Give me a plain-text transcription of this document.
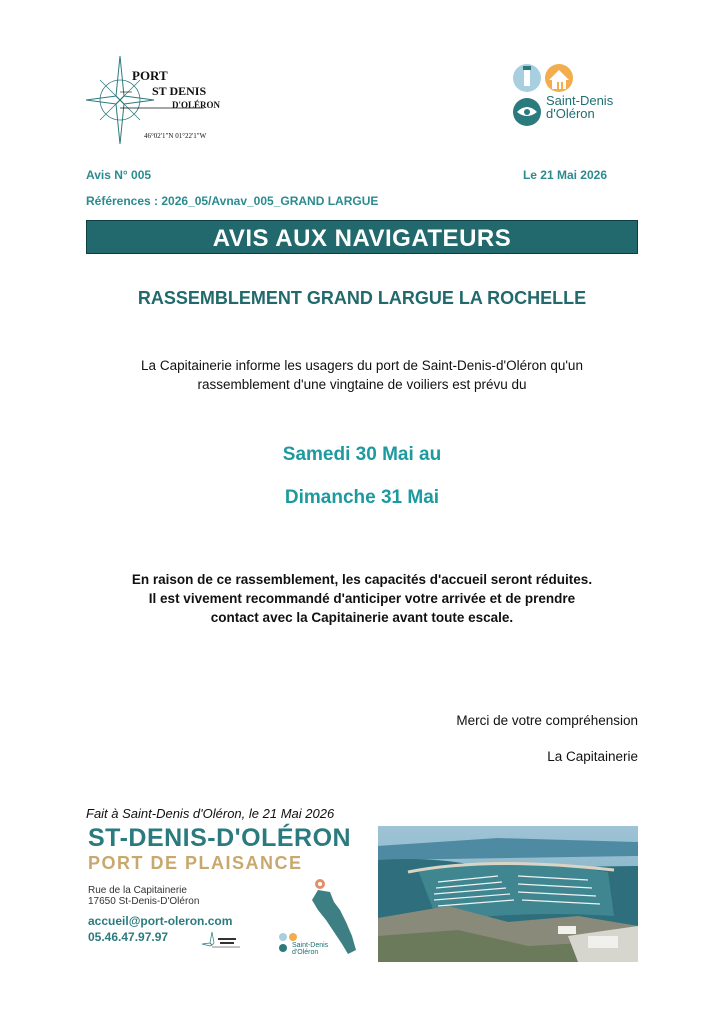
PORT
ST DENIS
D'OLÉRON
46°02'1"N 01°22'1"W
Saint-Denis
d'Oléron
Avis N° 005	Le 21 Mai 2026
Références : 2026_05/Avnav_005_GRAND LARGUE
AVIS AUX NAVIGATEURS
RASSEMBLEMENT GRAND LARGUE LA ROCHELLE
La Capitainerie informe les usagers du port de Saint-Denis-d'Oléron qu'un
rassemblement d'une vingtaine de voiliers est prévu du
Samedi 30 Mai au
Dimanche 31 Mai
En raison de ce rassemblement, les capacités d'accueil seront réduites.
Il est vivement recommandé d'anticiper votre arrivée et de prendre
contact avec la Capitainerie avant toute escale.
Merci de votre compréhension
La Capitainerie
Fait à Saint-Denis d'Oléron, le 21 Mai 2026
ST-DENIS-D'OLÉRON
PORT DE PLAISANCE
Rue de la Capitainerie
17650 St-Denis-D'Oléron
accueil@port-oleron.com
05.46.47.97.97
Saint-Denis
d'Oléron
